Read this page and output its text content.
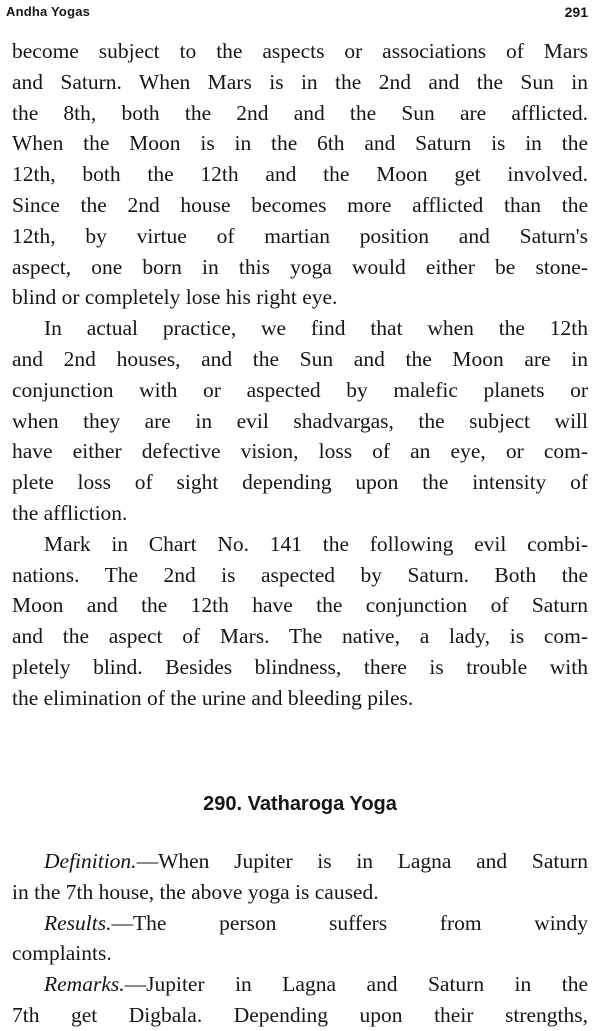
Andha Yogas	291
become subject to the aspects or associations of Mars
and Saturn. When Mars is in the 2nd and the Sun in
the 8th, both the 2nd and the Sun are afflicted.
When the Moon is in the 6th and Saturn is in the
12th, both the 12th and the Moon get involved.
Since the 2nd house becomes more afflicted than the
12th, by virtue of martian position and Saturn's
aspect, one born in this yoga would either be stone-
blind or completely lose his right eye.
In actual practice, we find that when the 12th
and 2nd houses, and the Sun and the Moon are in
conjunction with or aspected by malefic planets or
when they are in evil shadvargas, the subject will
have either defective vision, loss of an eye, or com-
plete loss of sight depending upon the intensity of
the affliction.
Mark in Chart No. 141 the following evil combi-
nations. The 2nd is aspected by Saturn. Both the
Moon and the 12th have the conjunction of Saturn
and the aspect of Mars. The native, a lady, is com-
pletely blind. Besides blindness, there is trouble with
the elimination of the urine and bleeding piles.
290. Vatharoga Yoga
Definition.—When Jupiter is in Lagna and Saturn
in the 7th house, the above yoga is caused.
Results.—The person suffers from windy
complaints.
Remarks.—Jupiter in Lagna and Saturn in the
7th get Digbala. Depending upon their strengths,
